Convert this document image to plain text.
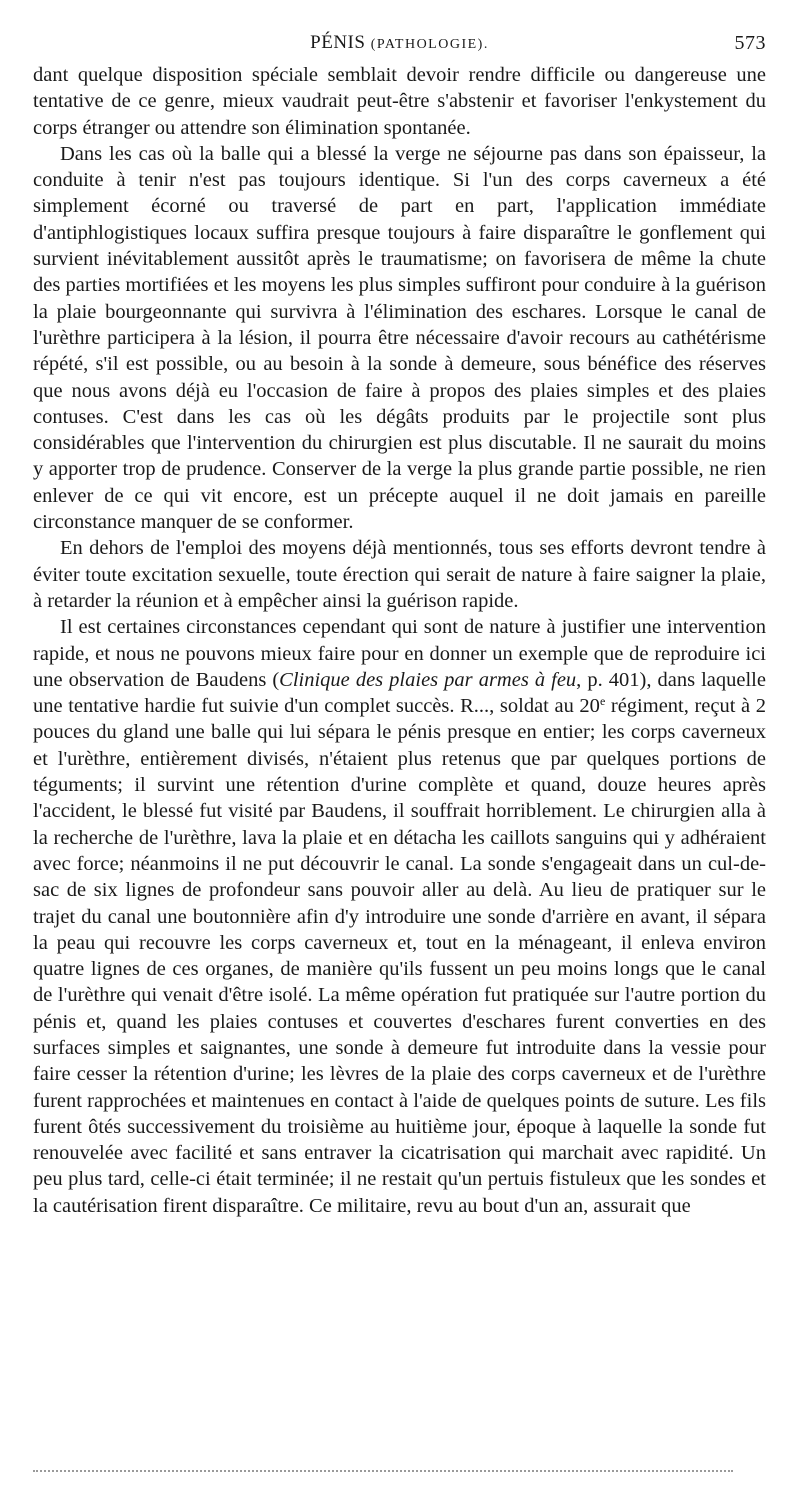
PÉNIS (PATHOLOGIE).	573

dant quelque disposition spéciale semblait devoir rendre difficile ou dangereuse une tentative de ce genre, mieux vaudrait peut-être s'abstenir et favoriser l'enkystement du corps étranger ou attendre son élimination spontanée.

Dans les cas où la balle qui a blessé la verge ne séjourne pas dans son épaisseur, la conduite à tenir n'est pas toujours identique. Si l'un des corps caverneux a été simplement écorné ou traversé de part en part, l'application immédiate d'antiphlogistiques locaux suffira presque toujours à faire disparaître le gonflement qui survient inévitablement aussitôt après le traumatisme; on favorisera de même la chute des parties mortifiées et les moyens les plus simples suffiront pour conduire à la guérison la plaie bourgeonnante qui survivra à l'élimination des eschares. Lorsque le canal de l'urèthre participera à la lésion, il pourra être nécessaire d'avoir recours au cathétérisme répété, s'il est possible, ou au besoin à la sonde à demeure, sous bénéfice des réserves que nous avons déjà eu l'occasion de faire à propos des plaies simples et des plaies contuses. C'est dans les cas où les dégâts produits par le projectile sont plus considérables que l'intervention du chirurgien est plus discutable. Il ne saurait du moins y apporter trop de prudence. Conserver de la verge la plus grande partie possible, ne rien enlever de ce qui vit encore, est un précepte auquel il ne doit jamais en pareille circonstance manquer de se conformer.

En dehors de l'emploi des moyens déjà mentionnés, tous ses efforts devront tendre à éviter toute excitation sexuelle, toute érection qui serait de nature à faire saigner la plaie, à retarder la réunion et à empêcher ainsi la guérison rapide.

Il est certaines circonstances cependant qui sont de nature à justifier une intervention rapide, et nous ne pouvons mieux faire pour en donner un exemple que de reproduire ici une observation de Baudens (Clinique des plaies par armes à feu, p. 401), dans laquelle une tentative hardie fut suivie d'un complet succès. R..., soldat au 20e régiment, reçut à 2 pouces du gland une balle qui lui sépara le pénis presque en entier; les corps caverneux et l'urèthre, entièrement divisés, n'étaient plus retenus que par quelques portions de téguments; il survint une rétention d'urine complète et quand, douze heures après l'accident, le blessé fut visité par Baudens, il souffrait horriblement. Le chirurgien alla à la recherche de l'urèthre, lava la plaie et en détacha les caillots sanguins qui y adhéraient avec force; néanmoins il ne put découvrir le canal. La sonde s'engageait dans un cul-de-sac de six lignes de profondeur sans pouvoir aller au delà. Au lieu de pratiquer sur le trajet du canal une boutonnière afin d'y introduire une sonde d'arrière en avant, il sépara la peau qui recouvre les corps caverneux et, tout en la ménageant, il enleva environ quatre lignes de ces organes, de manière qu'ils fussent un peu moins longs que le canal de l'urèthre qui venait d'être isolé. La même opération fut pratiquée sur l'autre portion du pénis et, quand les plaies contuses et couvertes d'eschares furent converties en des surfaces simples et saignantes, une sonde à demeure fut introduite dans la vessie pour faire cesser la rétention d'urine; les lèvres de la plaie des corps caverneux et de l'urèthre furent rapprochées et maintenues en contact à l'aide de quelques points de suture. Les fils furent ôtés successivement du troisième au huitième jour, époque à laquelle la sonde fut renouvelée avec facilité et sans entraver la cicatrisation qui marchait avec rapidité. Un peu plus tard, celle-ci était terminée; il ne restait qu'un pertuis fistuleux que les sondes et la cautérisation firent disparaître. Ce militaire, revu au bout d'un an, assurait que
